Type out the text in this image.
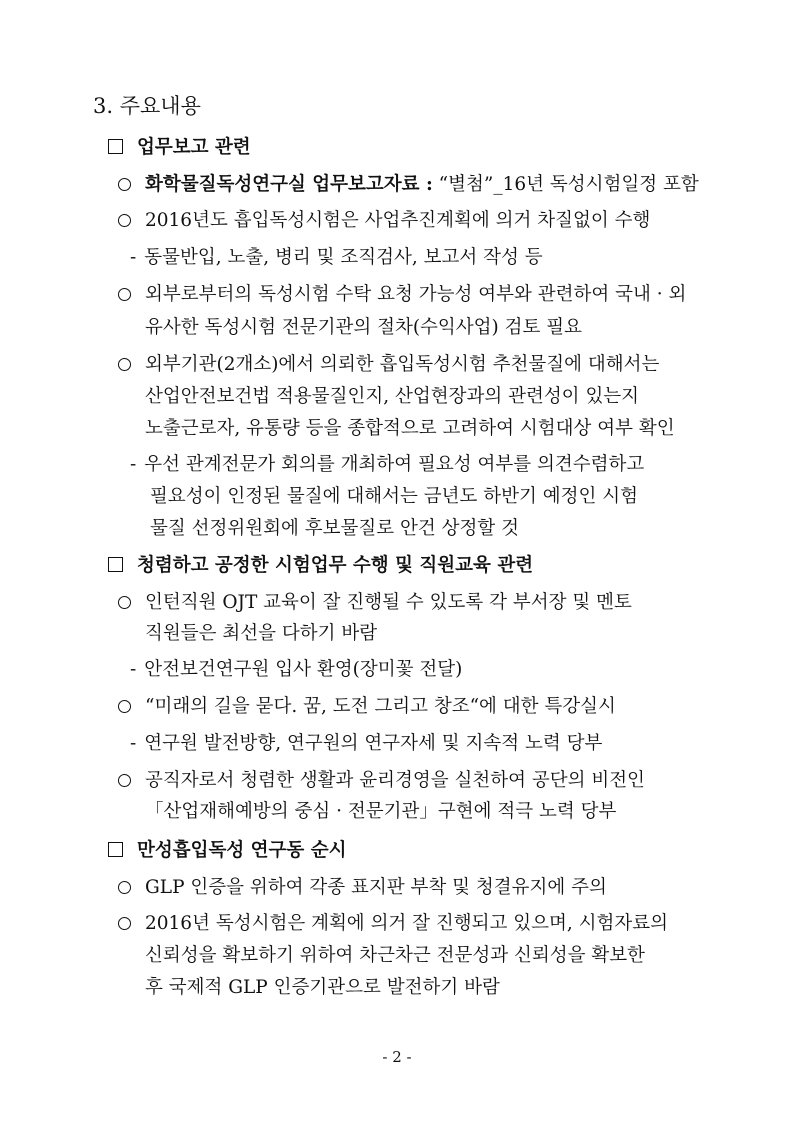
3. 주요내용
업무보고 관련
화학물질독성연구실 업무보고자료 : “별첨”_16년 독성시험일정 포함
2016년도 흡입독성시험은 사업추진계획에 의거 차질없이 수행
- 동물반입, 노출, 병리 및 조직검사, 보고서 작성 등
외부로부터의 독성시험 수탁 요청 가능성 여부와 관련하여 국내 · 외
유사한 독성시험 전문기관의 절차(수익사업) 검토 필요
외부기관(2개소)에서 의뢰한 흡입독성시험 추천물질에 대해서는
산업안전보건법 적용물질인지, 산업현장과의 관련성이 있는지
노출근로자, 유통량 등을 종합적으로 고려하여 시험대상 여부 확인
- 우선 관계전문가 회의를 개최하여 필요성 여부를 의견수렴하고
필요성이 인정된 물질에 대해서는 금년도 하반기 예정인 시험
물질 선정위원회에 후보물질로 안건 상정할 것
청렴하고 공정한 시험업무 수행 및 직원교육 관련
인턴직원 OJT 교육이 잘 진행될 수 있도록 각 부서장 및 멘토
직원들은 최선을 다하기 바람
- 안전보건연구원 입사 환영(장미꽃 전달)
“미래의 길을 묻다. 꿈, 도전 그리고 창조“에 대한 특강실시
- 연구원 발전방향, 연구원의 연구자세 및 지속적 노력 당부
공직자로서 청렴한 생활과 윤리경영을 실천하여 공단의 비전인
「산업재해예방의 중심 · 전문기관」구현에 적극 노력 당부
만성흡입독성 연구동 순시
GLP 인증을 위하여 각종 표지판 부착 및 청결유지에 주의
2016년 독성시험은 계획에 의거 잘 진행되고 있으며, 시험자료의
신뢰성을 확보하기 위하여 차근차근 전문성과 신뢰성을 확보한
후 국제적 GLP 인증기관으로 발전하기 바람
- 2 -
